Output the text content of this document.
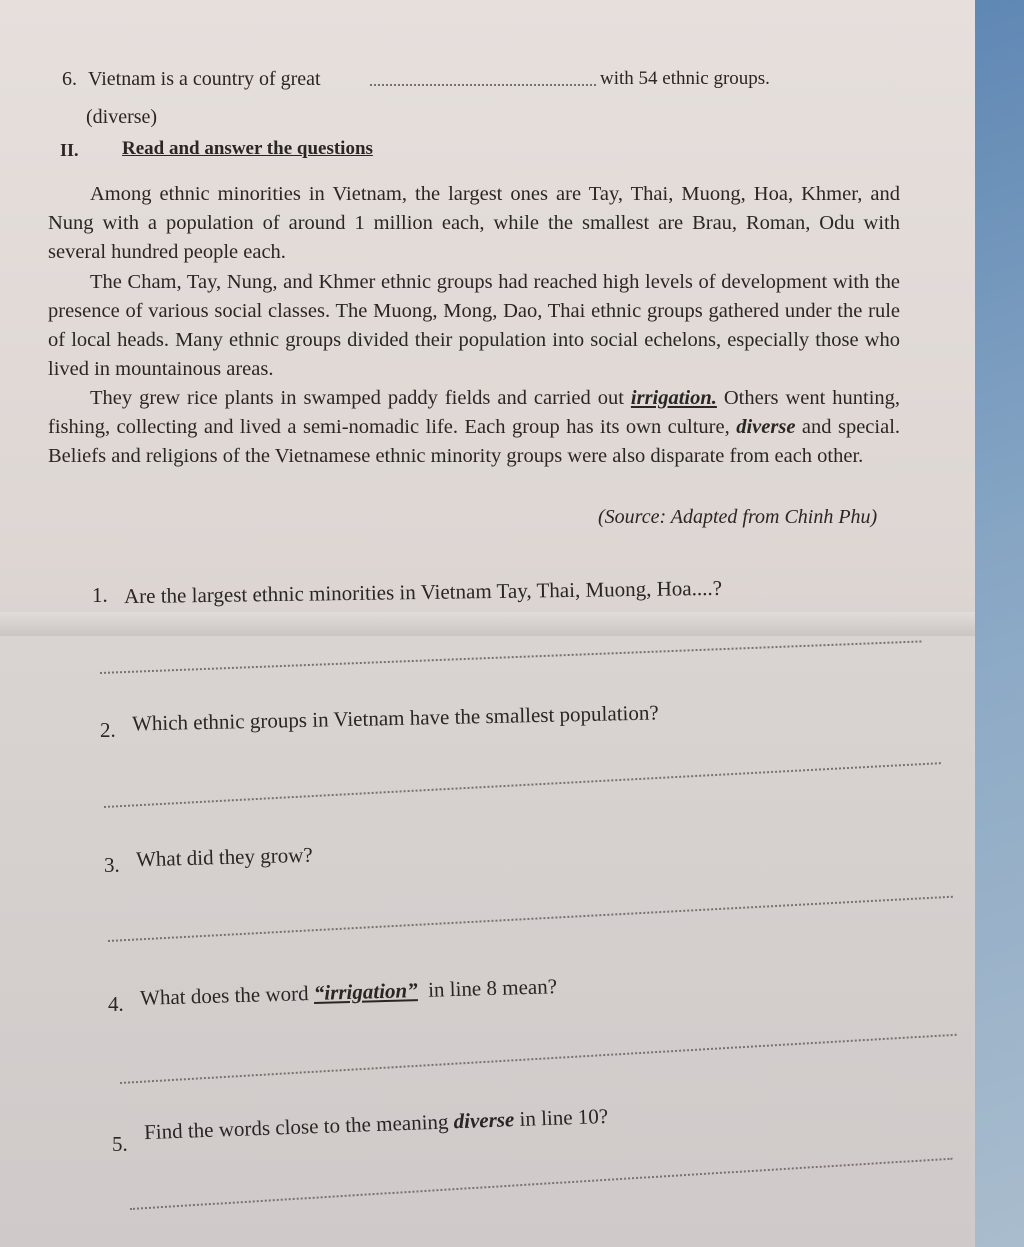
6. Vietnam is a country of great	with 54 ethnic groups.
(diverse)
II. Read and answer the questions

Among ethnic minorities in Vietnam, the largest ones are Tay, Thai, Muong, Hoa, Khmer, and Nung with a population of around 1 million each, while the smallest are Brau, Roman, Odu with several hundred people each.

The Cham, Tay, Nung, and Khmer ethnic groups had reached high levels of development with the presence of various social classes. The Muong, Mong, Dao, Thai ethnic groups gathered under the rule of local heads. Many ethnic groups divided their population into social echelons, especially those who lived in mountainous areas.

They grew rice plants in swamped paddy fields and carried out irrigation. Others went hunting, fishing, collecting and lived a semi-nomadic life. Each group has its own culture, diverse and special. Beliefs and religions of the Vietnamese ethnic minority groups were also disparate from each other.

(Source: Adapted from Chinh Phu)
1. Are the largest ethnic minorities in Vietnam Tay, Thai, Muong, Hoa....?
2. Which ethnic groups in Vietnam have the smallest population?
3. What did they grow?
4. What does the word “irrigation” in line 8 mean?
5. Find the words close to the meaning diverse in line 10?
